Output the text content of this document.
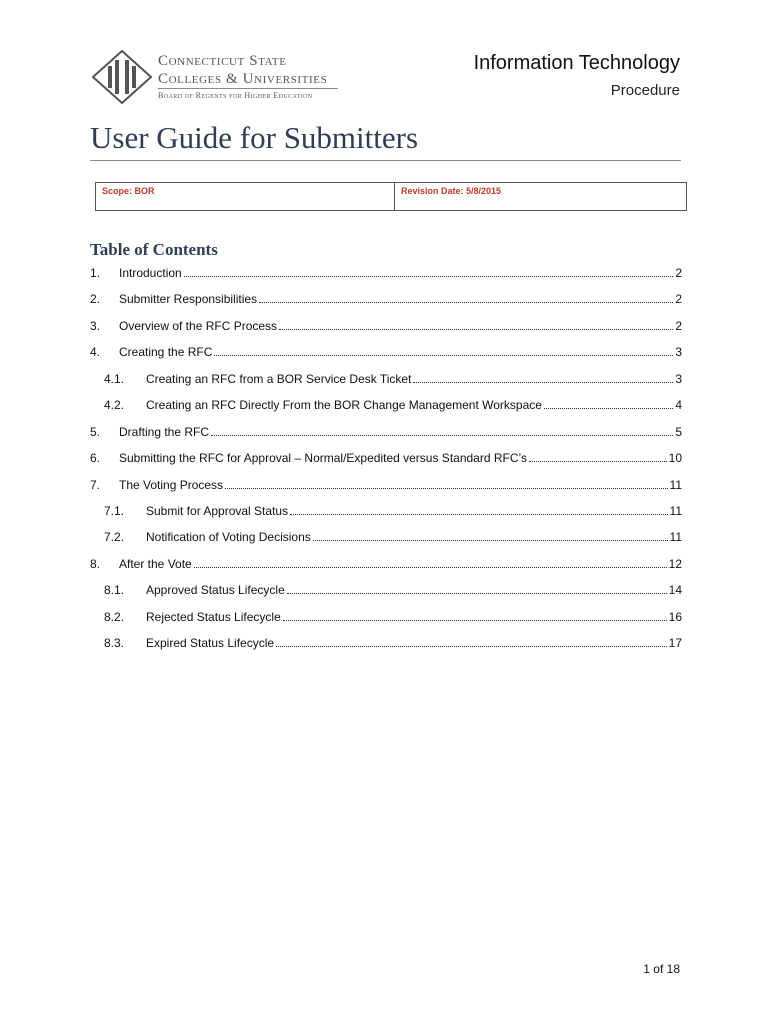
Connecticut State
Colleges & Universities
Board of Regents for Higher Education
Information Technology
Procedure
User Guide for Submitters
Scope: BOR	Revision Date: 5/8/2015
Table of Contents
1.	Introduction	2
2.	Submitter Responsibilities	2
3.	Overview of the RFC Process	2
4.	Creating the RFC	3
4.1.	Creating an RFC from a BOR Service Desk Ticket	3
4.2.	Creating an RFC Directly From the BOR Change Management Workspace	4
5.	Drafting the RFC	5
6.	Submitting the RFC for Approval – Normal/Expedited versus Standard RFC’s	10
7.	The Voting Process	11
7.1.	Submit for Approval Status	11
7.2.	Notification of Voting Decisions	11
8.	After the Vote	12
8.1.	Approved Status Lifecycle	14
8.2.	Rejected Status Lifecycle	16
8.3.	Expired Status Lifecycle	17
1 of 18
